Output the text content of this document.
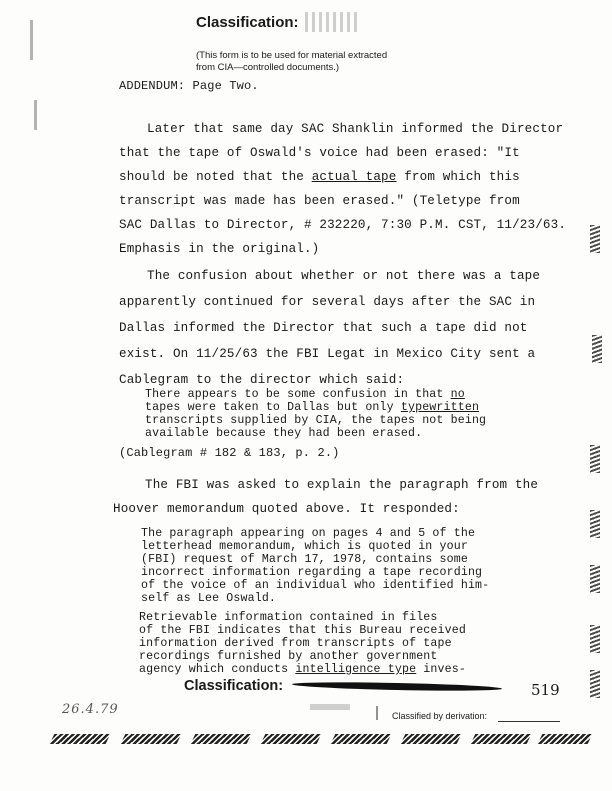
Classification:
(This form is to be used for material extracted
from CIA—controlled documents.)
ADDENDUM: Page Two.
Later that same day SAC Shanklin informed the Director
that the tape of Oswald's voice had been erased: "It
should be noted that the actual tape from which this
transcript was made has been erased." (Teletype from
SAC Dallas to Director, # 232220, 7:30 P.M. CST, 11/23/63.
Emphasis in the original.)
The confusion about whether or not there was a tape
apparently continued for several days after the SAC in
Dallas informed the Director that such a tape did not
exist. On 11/25/63 the FBI Legat in Mexico City sent a
Cablegram to the director which said:
There appears to be some confusion in that no
tapes were taken to Dallas but only typewritten
transcripts supplied by CIA, the tapes not being
available because they had been erased.
(Cablegram # 182 & 183, p. 2.)
The FBI was asked to explain the paragraph from the
Hoover memorandum quoted above. It responded:
The paragraph appearing on pages 4 and 5 of the
letterhead memorandum, which is quoted in your
(FBI) request of March 17, 1978, contains some
incorrect information regarding a tape recording
of the voice of an individual who identified him-
self as Lee Oswald.
Retrievable information contained in files
of the FBI indicates that this Bureau received
information derived from transcripts of tape
recordings furnished by another government
agency which conducts intelligence type inves-
Classification:	519
26.4.79	Classified by derivation:
